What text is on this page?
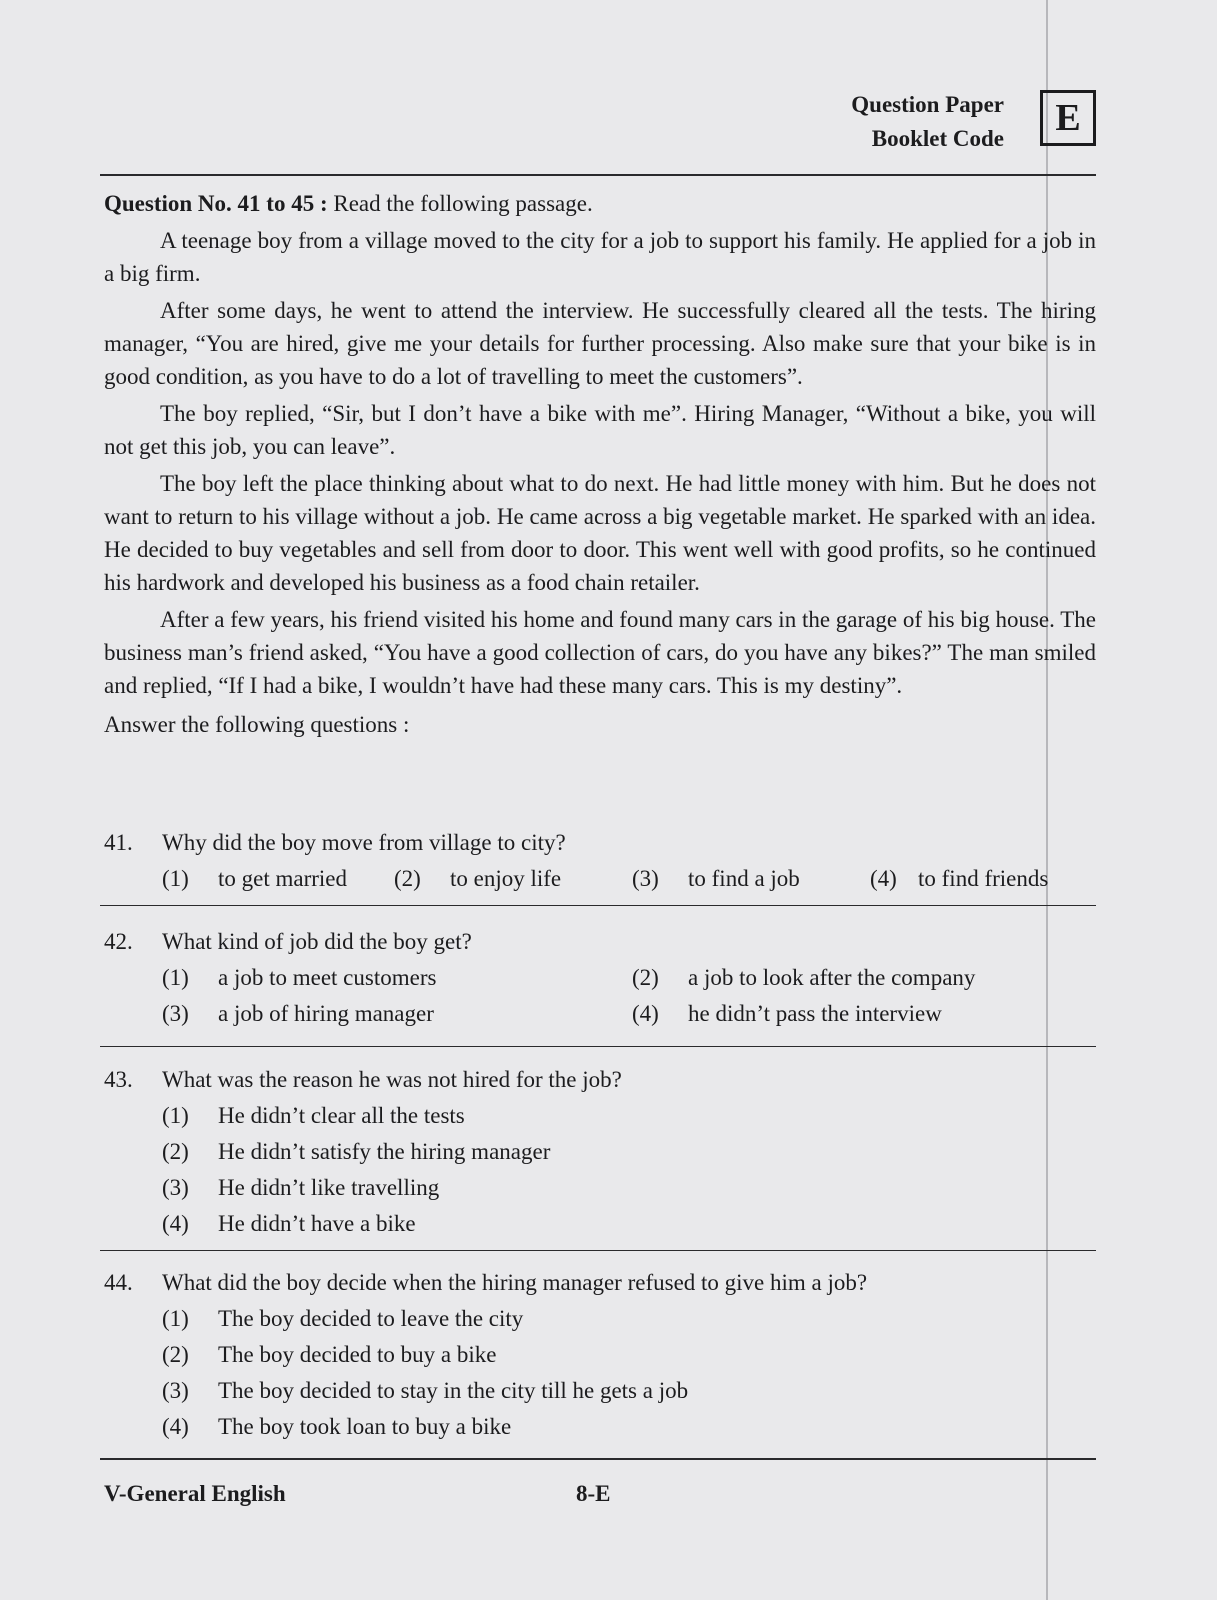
Question Paper
Booklet Code	E

Question No. 41 to 45 : Read the following passage.

A teenage boy from a village moved to the city for a job to support his family. He applied for a job in a big firm.

After some days, he went to attend the interview. He successfully cleared all the tests. The hiring manager, “You are hired, give me your details for further processing. Also make sure that your bike is in good condition, as you have to do a lot of travelling to meet the customers”.

The boy replied, “Sir, but I don’t have a bike with me”. Hiring Manager, “Without a bike, you will not get this job, you can leave”.

The boy left the place thinking about what to do next. He had little money with him. But he does not want to return to his village without a job. He came across a big vegetable market. He sparked with an idea. He decided to buy vegetables and sell from door to door. This went well with good profits, so he continued his hardwork and developed his business as a food chain retailer.

After a few years, his friend visited his home and found many cars in the garage of his big house. The business man’s friend asked, “You have a good collection of cars, do you have any bikes?” The man smiled and replied, “If I had a bike, I wouldn’t have had these many cars. This is my destiny”.

Answer the following questions :

41.	Why did the boy move from village to city?
(1)	to get married (2)	to enjoy life	(3)	to find a job	(4) to find friends
42.	What kind of job did the boy get?
(1)	a job to meet customers	(2)	a job to look after the company
(3)	a job of hiring manager	(4)	he didn’t pass the interview
43.	What was the reason he was not hired for the job?
(1)	He didn’t clear all the tests
(2)	He didn’t satisfy the hiring manager
(3)	He didn’t like travelling
(4)	He didn’t have a bike
44.	What did the boy decide when the hiring manager refused to give him a job?
(1)	The boy decided to leave the city
(2)	The boy decided to buy a bike
(3)	The boy decided to stay in the city till he gets a job
(4)	The boy took loan to buy a bike
V-General English	8-E
